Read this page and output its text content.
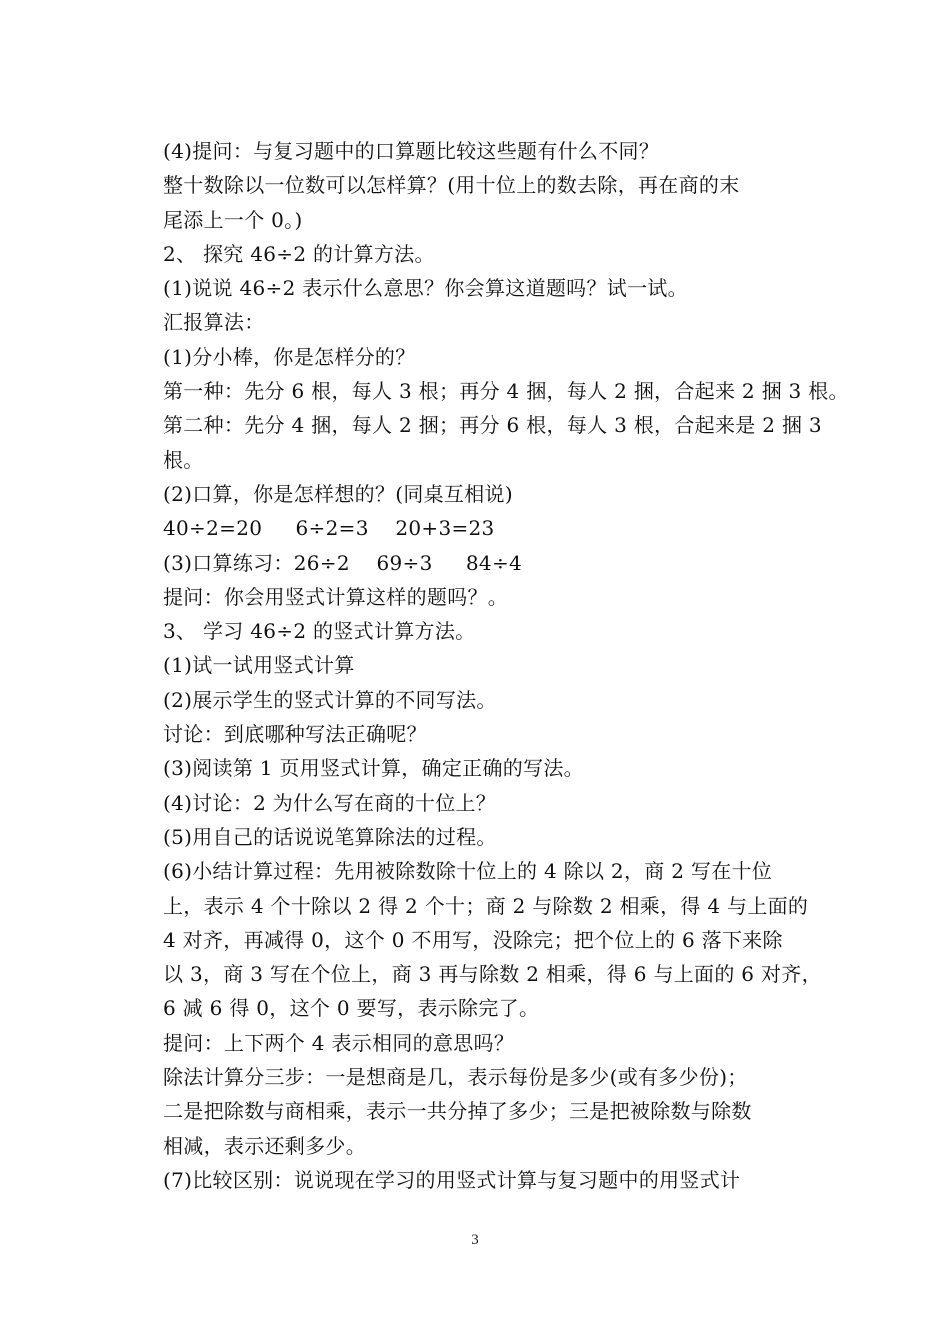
(4)提问：与复习题中的口算题比较这些题有什么不同？
整十数除以一位数可以怎样算？(用十位上的数去除，再在商的末
尾添上一个 0。)
2、 探究 46÷2 的计算方法。
(1)说说 46÷2 表示什么意思？你会算这道题吗？试一试。
汇报算法：
(1)分小棒，你是怎样分的？
第一种：先分 6 根，每人 3 根；再分 4 捆，每人 2 捆，合起来 2 捆 3 根。
第二种：先分 4 捆，每人 2 捆；再分 6 根，每人 3 根，合起来是 2 捆 3
根。
(2)口算，你是怎样想的？(同桌互相说)
40÷2=20     6÷2=3    20+3=23
(3)口算练习：26÷2    69÷3     84÷4
提问：你会用竖式计算这样的题吗？。
3、 学习 46÷2 的竖式计算方法。
(1)试一试用竖式计算
(2)展示学生的竖式计算的不同写法。
讨论：到底哪种写法正确呢？
(3)阅读第 1 页用竖式计算，确定正确的写法。
(4)讨论：2 为什么写在商的十位上？
(5)用自己的话说说笔算除法的过程。
(6)小结计算过程：先用被除数除十位上的 4 除以 2，商 2 写在十位
上，表示 4 个十除以 2 得 2 个十；商 2 与除数 2 相乘，得 4 与上面的
4 对齐，再减得 0，这个 0 不用写，没除完；把个位上的 6 落下来除
以 3，商 3 写在个位上，商 3 再与除数 2 相乘，得 6 与上面的 6 对齐，
6 减 6 得 0，这个 0 要写，表示除完了。
提问：上下两个 4 表示相同的意思吗？
除法计算分三步：一是想商是几，表示每份是多少(或有多少份)；
二是把除数与商相乘，表示一共分掉了多少；三是把被除数与除数
相减，表示还剩多少。
(7)比较区别：说说现在学习的用竖式计算与复习题中的用竖式计
3
